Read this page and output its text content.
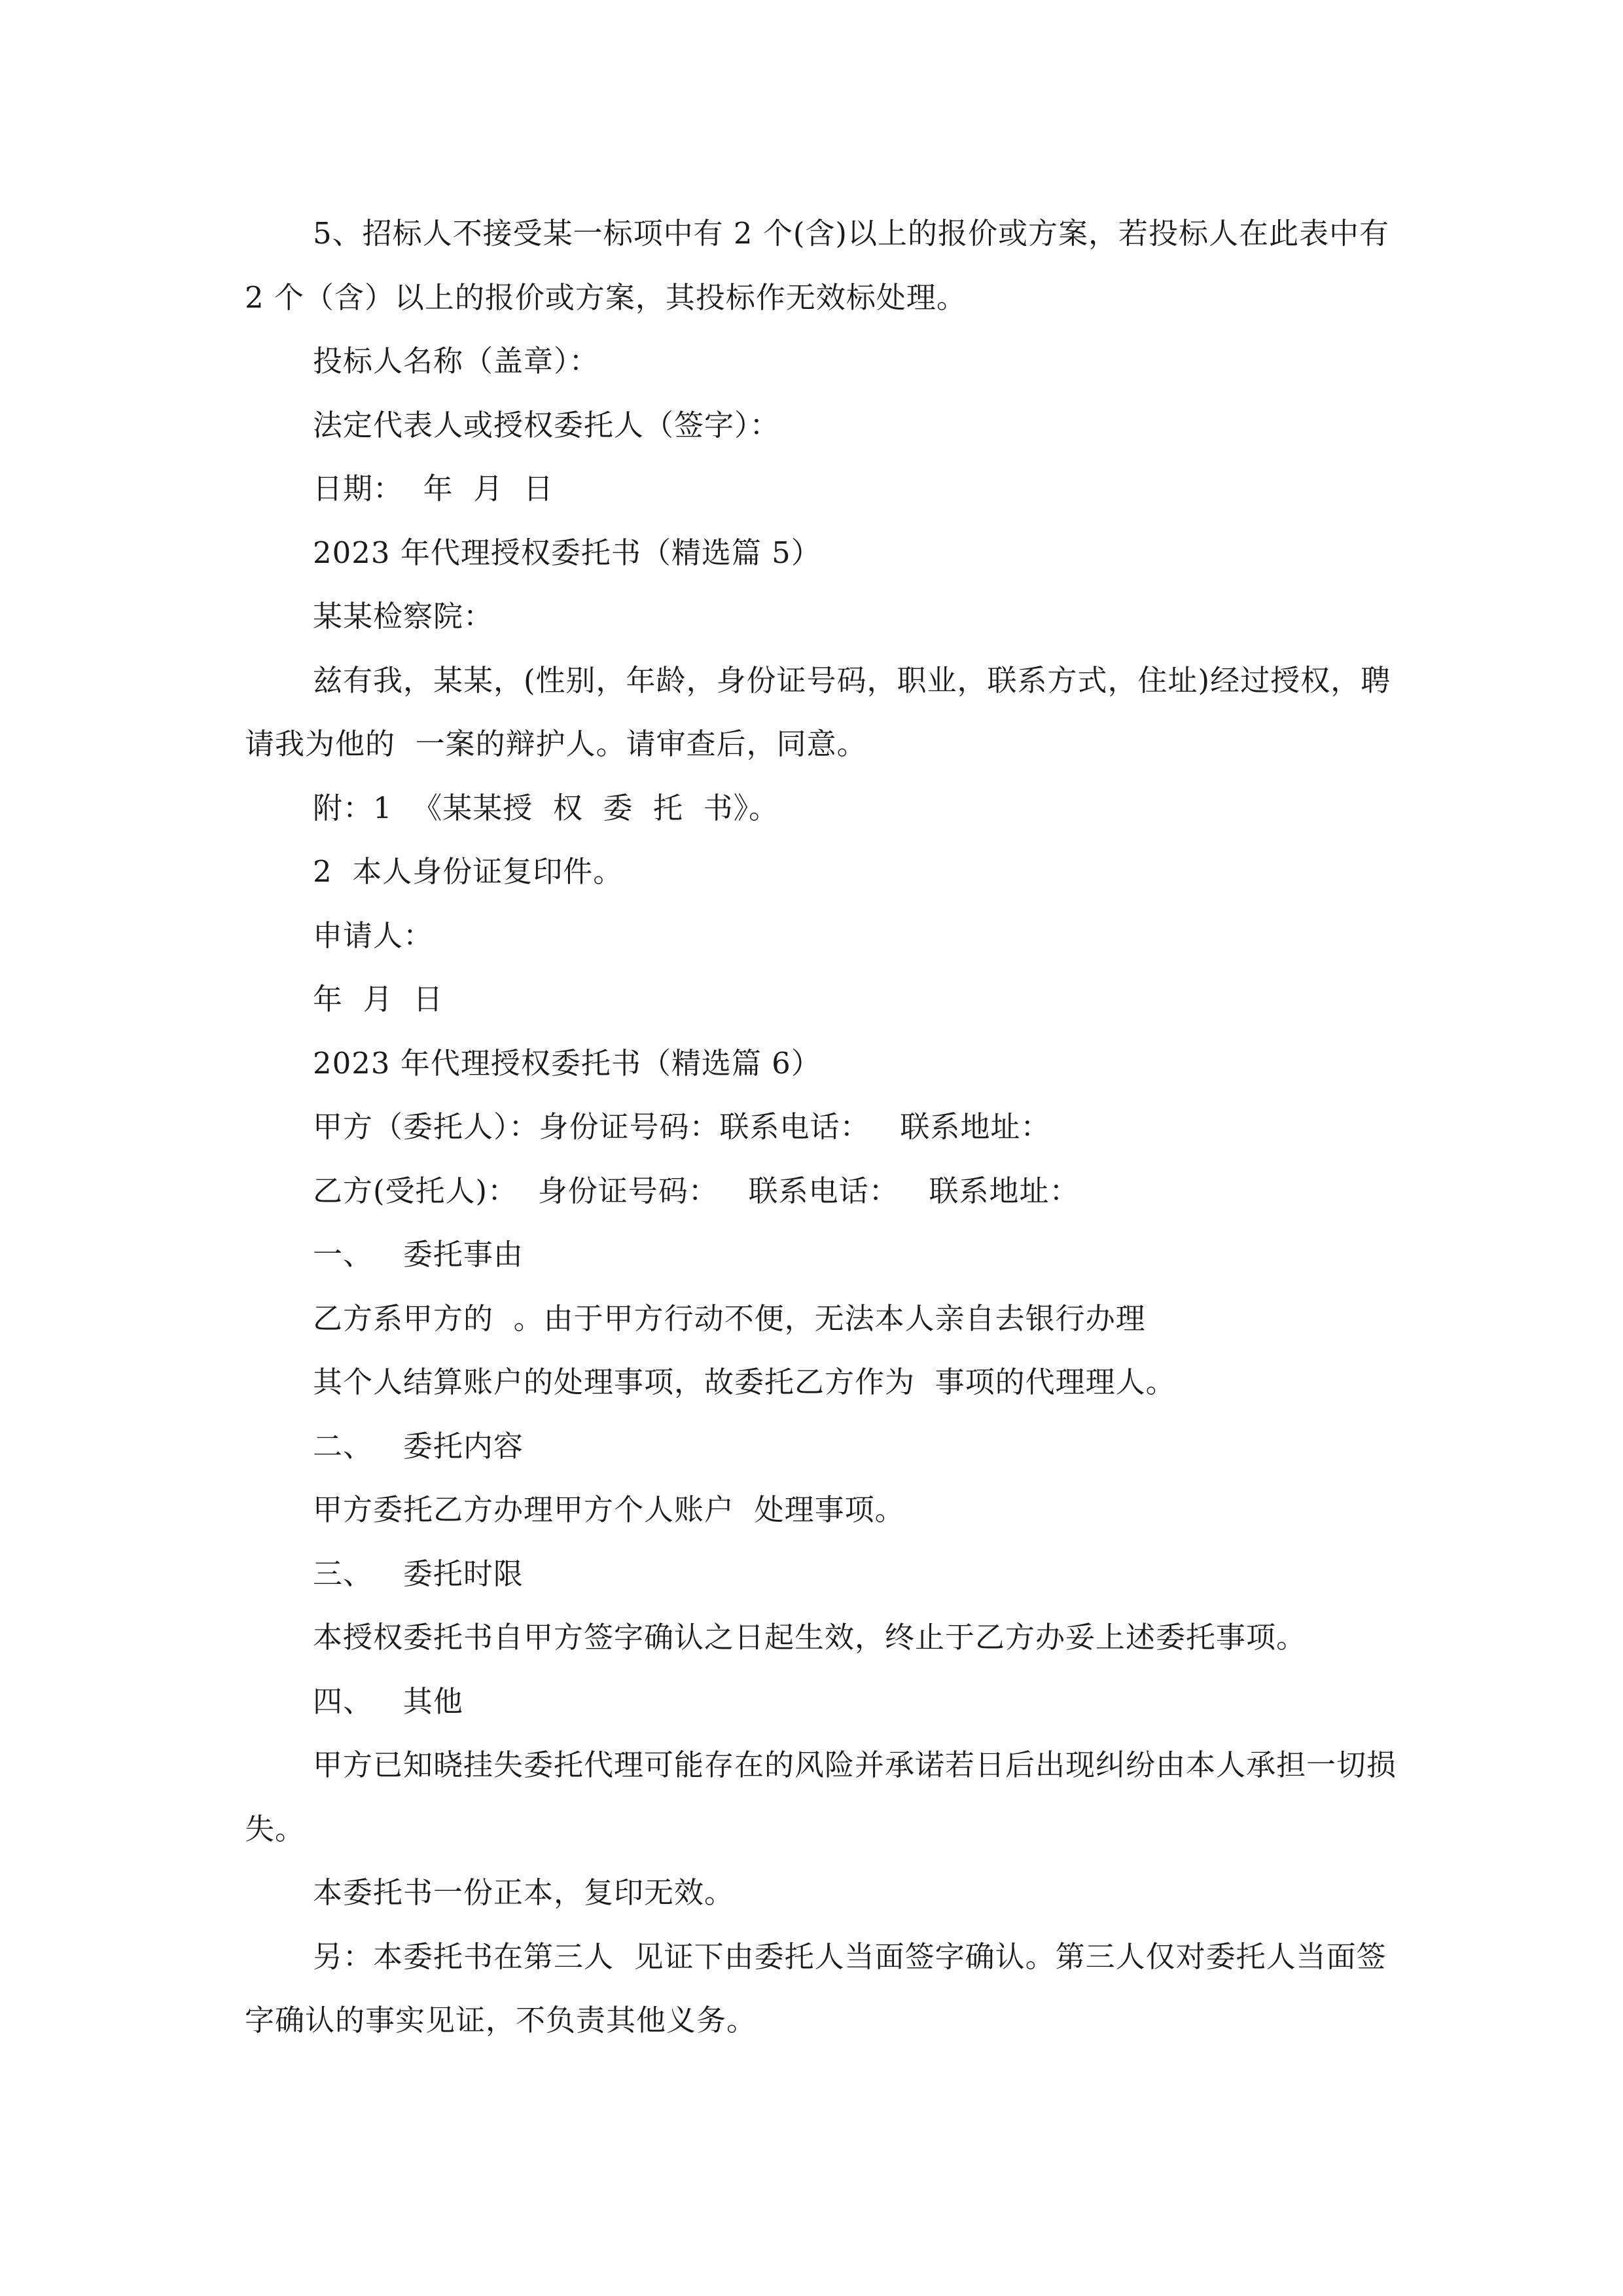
5、招标人不接受某一标项中有 2 个(含)以上的报价或方案，若投标人在此表中有 2 个（含）以上的报价或方案，其投标作无效标处理。

投标人名称（盖章）：

法定代表人或授权委托人（签字）：

日期：  年  月  日

2023 年代理授权委托书（精选篇 5）

某某检察院：

兹有我，某某，(性别，年龄，身份证号码，职业，联系方式，住址)经过授权，聘请我为他的  一案的辩护人。请审查后，同意。

附：1  《某某授  权  委  托  书》。

2  本人身份证复印件。

申请人：

年  月  日

2023 年代理授权委托书（精选篇 6）

甲方（委托人）：身份证号码：联系电话：   联系地址：

乙方(受托人)：  身份证号码：   联系电话：   联系地址：

一、   委托事由

乙方系甲方的  。由于甲方行动不便，无法本人亲自去银行办理

其个人结算账户的处理事项，故委托乙方作为  事项的代理理人。

二、   委托内容

甲方委托乙方办理甲方个人账户  处理事项。

三、   委托时限

本授权委托书自甲方签字确认之日起生效，终止于乙方办妥上述委托事项。

四、   其他

甲方已知晓挂失委托代理可能存在的风险并承诺若日后出现纠纷由本人承担一切损失。

本委托书一份正本，复印无效。

另：本委托书在第三人  见证下由委托人当面签字确认。第三人仅对委托人当面签字确认的事实见证，不负责其他义务。
